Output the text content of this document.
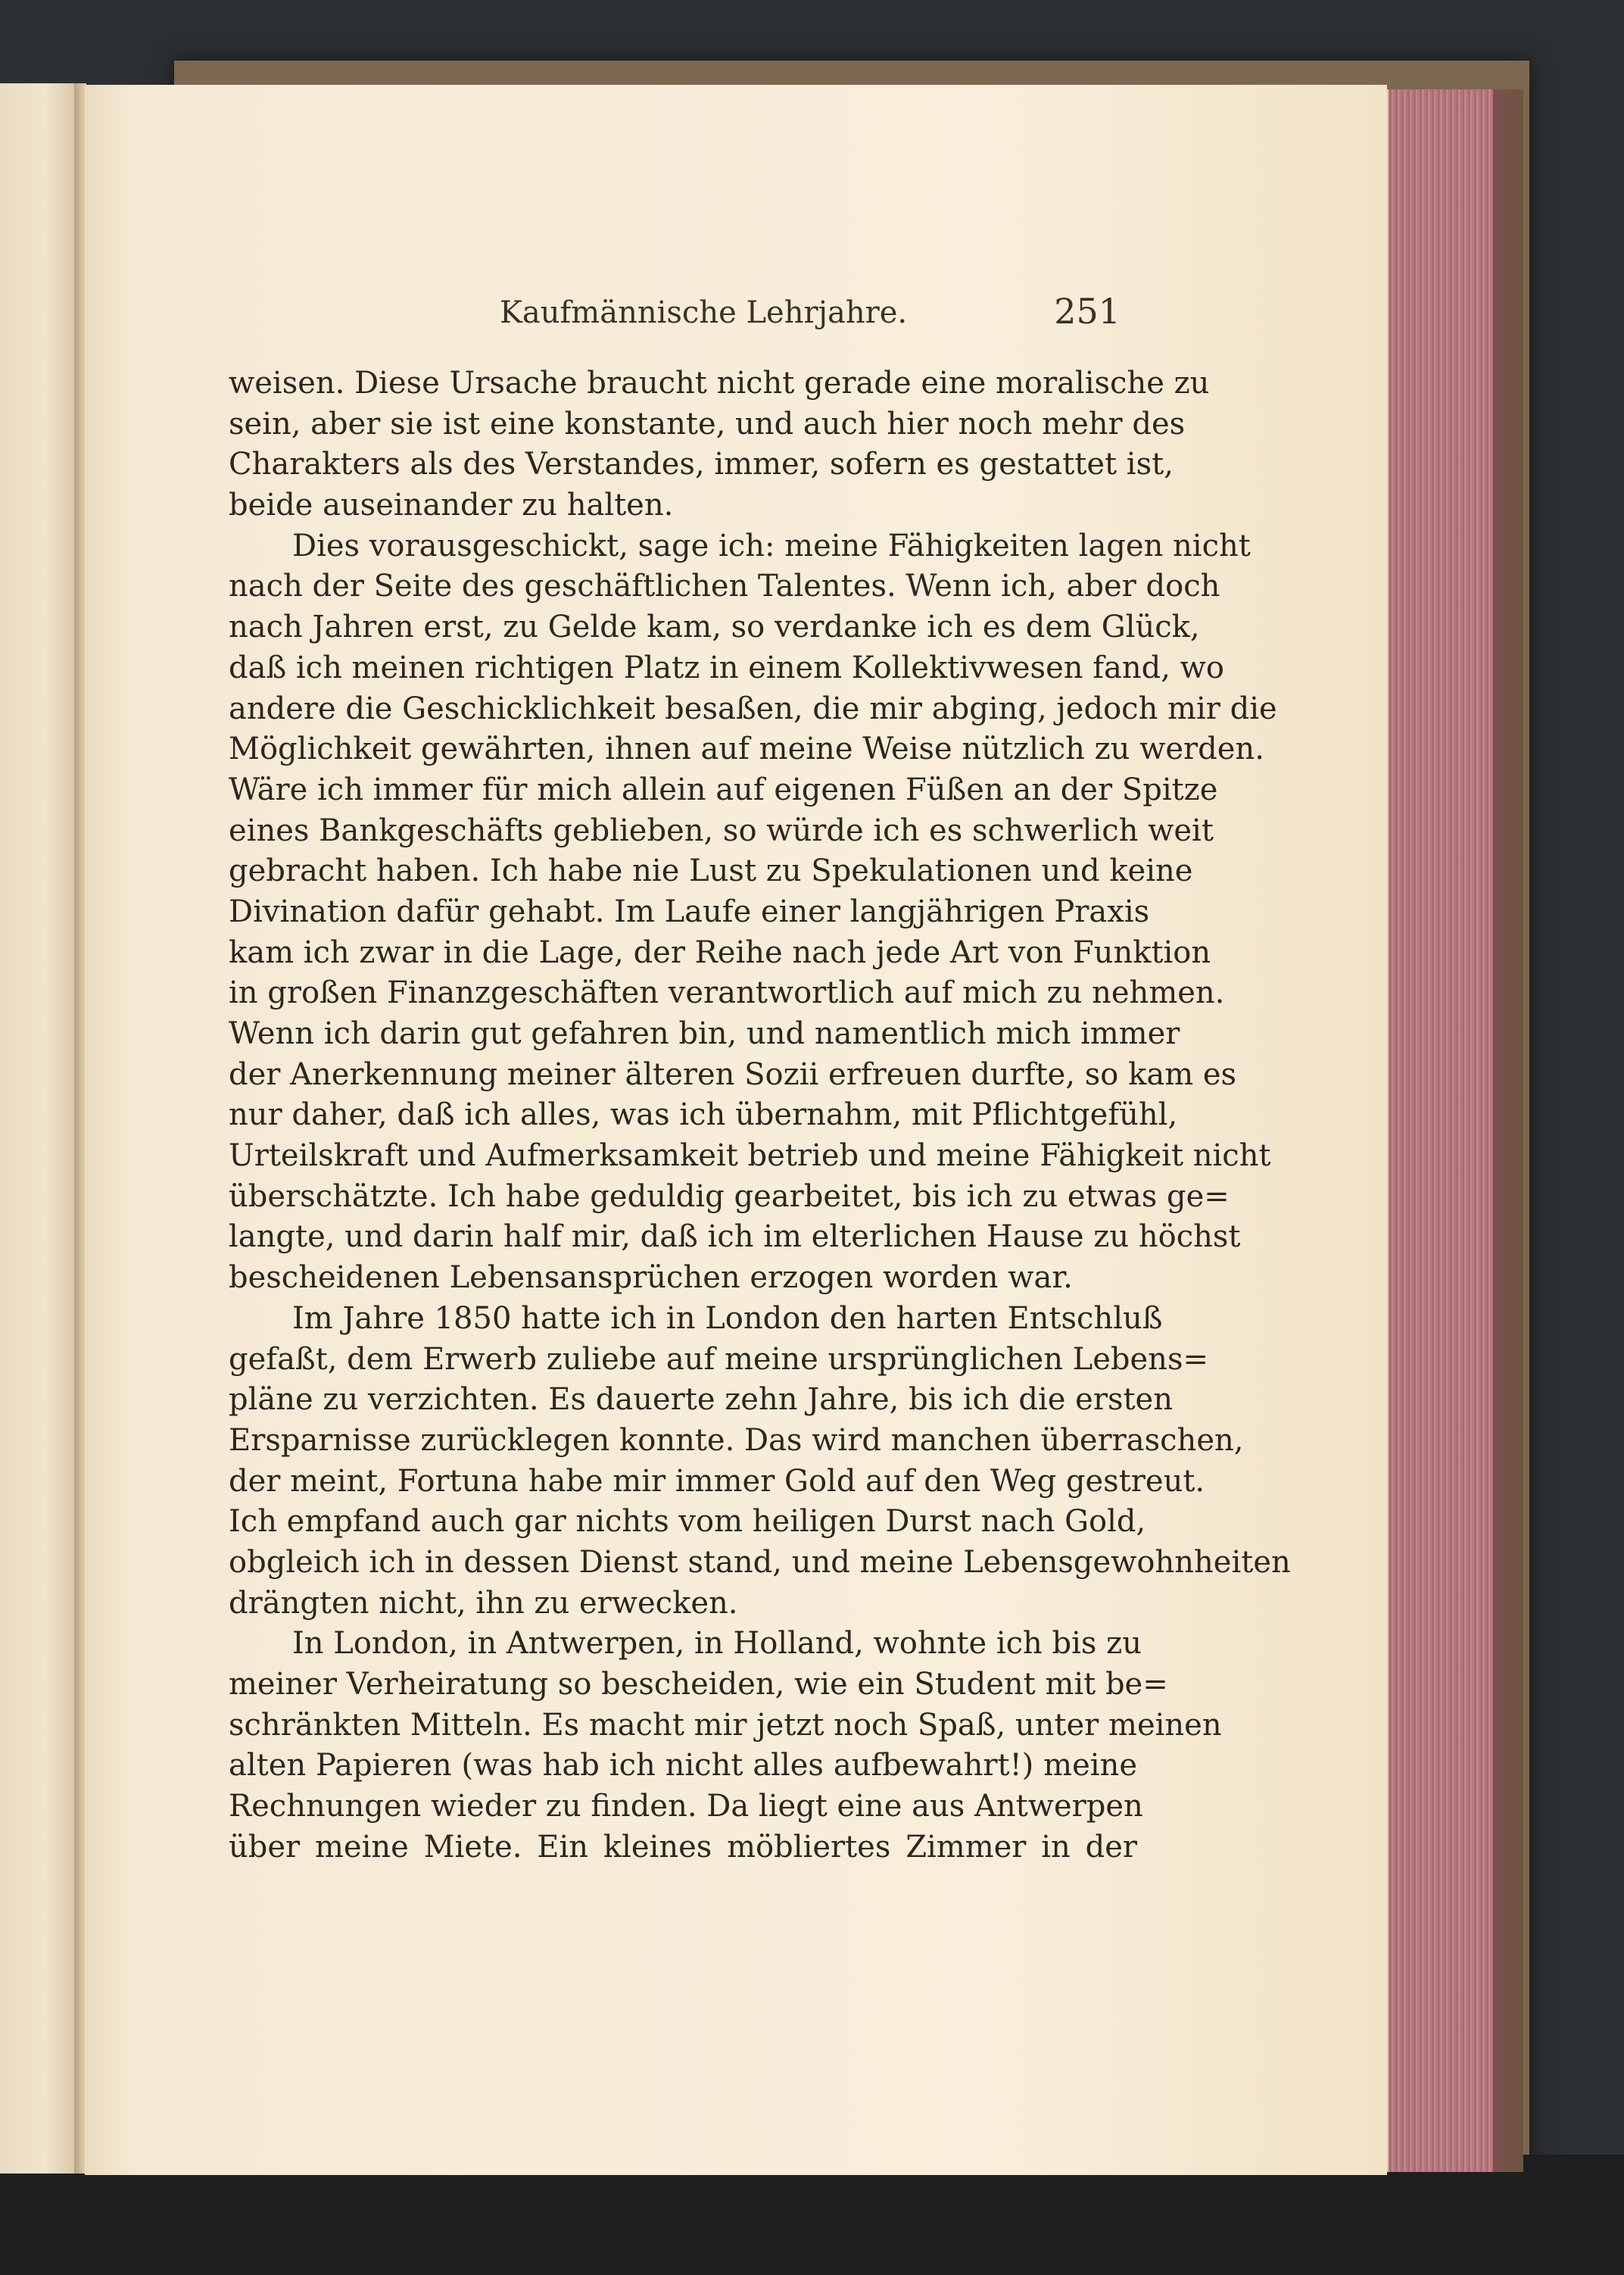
Kaufmännische Lehrjahre.	251
weisen. Diese Ursache braucht nicht gerade eine moralische zu
sein, aber sie ist eine konstante, und auch hier noch mehr des
Charakters als des Verstandes, immer, sofern es gestattet ist,
beide auseinander zu halten.
Dies vorausgeschickt, sage ich: meine Fähigkeiten lagen nicht
nach der Seite des geschäftlichen Talentes. Wenn ich, aber doch
nach Jahren erst, zu Gelde kam, so verdanke ich es dem Glück,
daß ich meinen richtigen Platz in einem Kollektivwesen fand, wo
andere die Geschicklichkeit besaßen, die mir abging, jedoch mir die
Möglichkeit gewährten, ihnen auf meine Weise nützlich zu werden.
Wäre ich immer für mich allein auf eigenen Füßen an der Spitze
eines Bankgeschäfts geblieben, so würde ich es schwerlich weit
gebracht haben. Ich habe nie Lust zu Spekulationen und keine
Divination dafür gehabt. Im Laufe einer langjährigen Praxis
kam ich zwar in die Lage, der Reihe nach jede Art von Funktion
in großen Finanzgeschäften verantwortlich auf mich zu nehmen.
Wenn ich darin gut gefahren bin, und namentlich mich immer
der Anerkennung meiner älteren Sozii erfreuen durfte, so kam es
nur daher, daß ich alles, was ich übernahm, mit Pflichtgefühl,
Urteilskraft und Aufmerksamkeit betrieb und meine Fähigkeit nicht
überschätzte. Ich habe geduldig gearbeitet, bis ich zu etwas ge=
langte, und darin half mir, daß ich im elterlichen Hause zu höchst
bescheidenen Lebensansprüchen erzogen worden war.
Im Jahre 1850 hatte ich in London den harten Entschluß
gefaßt, dem Erwerb zuliebe auf meine ursprünglichen Lebens=
pläne zu verzichten. Es dauerte zehn Jahre, bis ich die ersten
Ersparnisse zurücklegen konnte. Das wird manchen überraschen,
der meint, Fortuna habe mir immer Gold auf den Weg gestreut.
Ich empfand auch gar nichts vom heiligen Durst nach Gold,
obgleich ich in dessen Dienst stand, und meine Lebensgewohnheiten
drängten nicht, ihn zu erwecken.
In London, in Antwerpen, in Holland, wohnte ich bis zu
meiner Verheiratung so bescheiden, wie ein Student mit be=
schränkten Mitteln. Es macht mir jetzt noch Spaß, unter meinen
alten Papieren (was hab ich nicht alles aufbewahrt!) meine
Rechnungen wieder zu finden. Da liegt eine aus Antwerpen
über meine Miete. Ein kleines möbliertes Zimmer in der
